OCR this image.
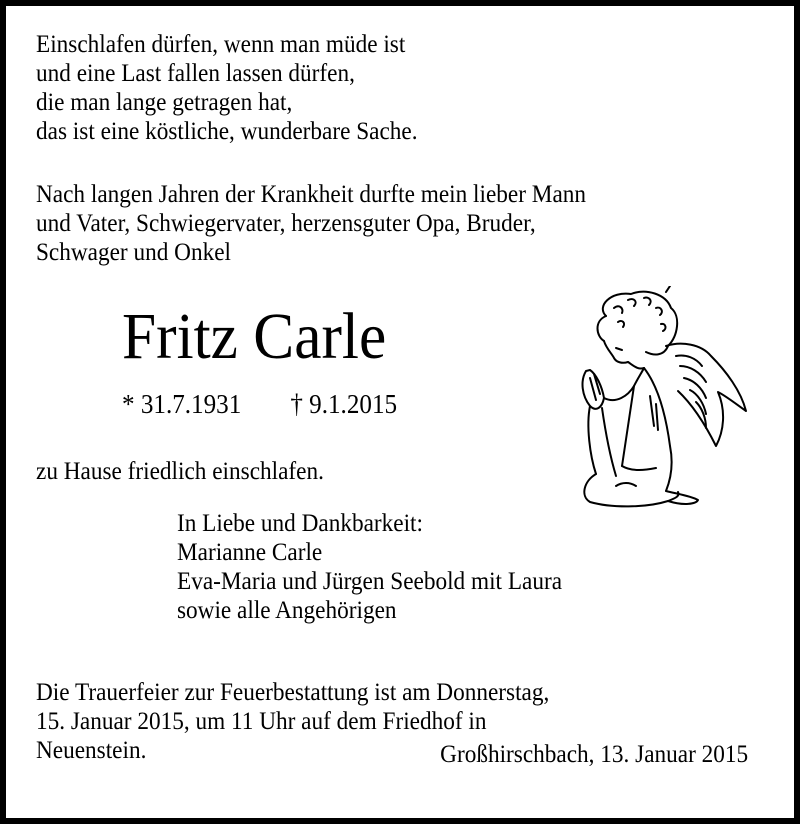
Einschlafen dürfen, wenn man müde ist
und eine Last fallen lassen dürfen,
die man lange getragen hat,
das ist eine köstliche, wunderbare Sache.
Nach langen Jahren der Krankheit durfte mein lieber Mann
und Vater, Schwiegervater, herzensguter Opa, Bruder,
Schwager und Onkel
Fritz Carle
* 31.7.1931 † 9.1.2015
zu Hause friedlich einschlafen.
In Liebe und Dankbarkeit:
Marianne Carle
Eva-Maria und Jürgen Seebold mit Laura
sowie alle Angehörigen
Die Trauerfeier zur Feuerbestattung ist am Donnerstag,
15. Januar 2015, um 11 Uhr auf dem Friedhof in
Neuenstein.	Großhirschbach, 13. Januar 2015
